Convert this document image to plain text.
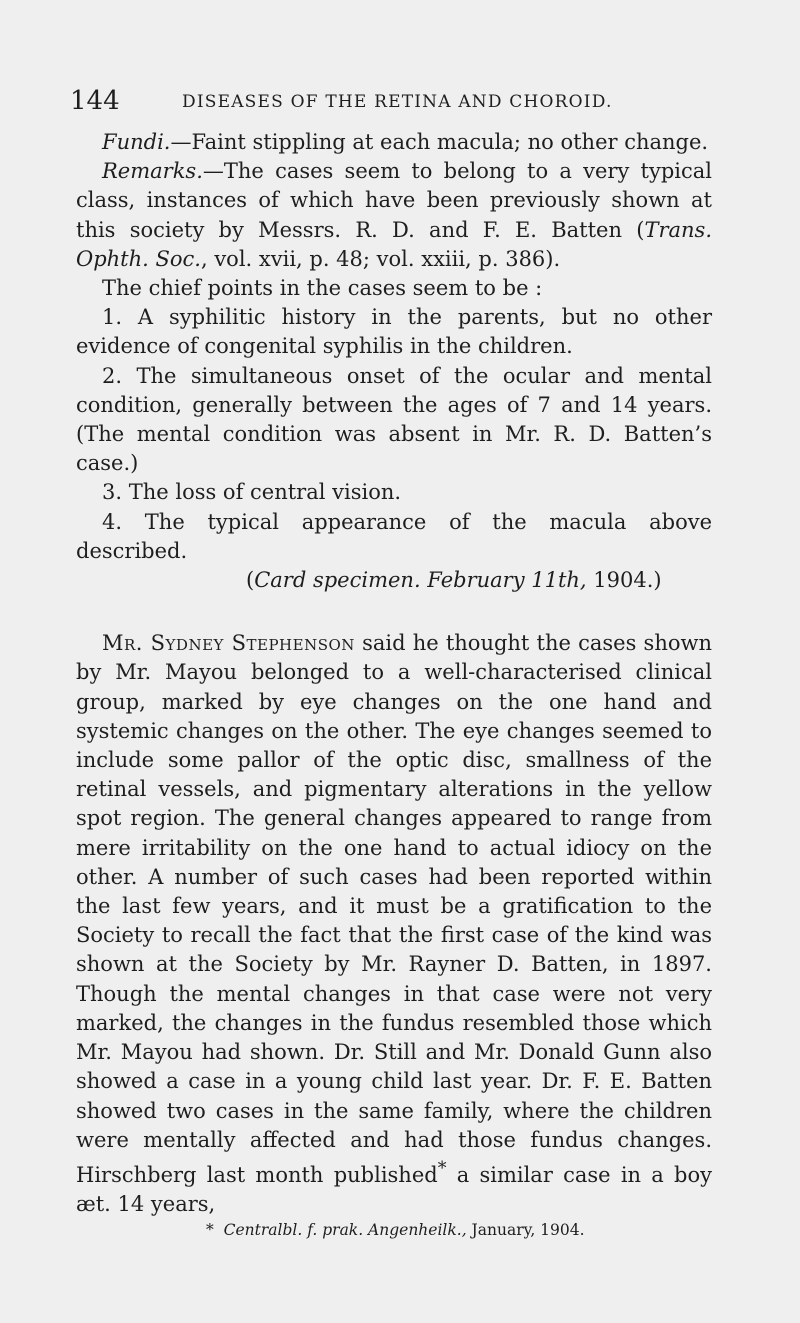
144	DISEASES OF THE RETINA AND CHOROID.

Fundi.—Faint stippling at each macula; no other change.

Remarks.—The cases seem to belong to a very typical class, instances of which have been previously shown at this society by Messrs. R. D. and F. E. Batten (Trans. Ophth. Soc., vol. xvii, p. 48; vol. xxiii, p. 386).

The chief points in the cases seem to be :

1. A syphilitic history in the parents, but no other evidence of congenital syphilis in the children.

2. The simultaneous onset of the ocular and mental condition, generally between the ages of 7 and 14 years. (The mental condition was absent in Mr. R. D. Batten’s case.)

3. The loss of central vision.

4. The typical appearance of the macula above described.

(Card specimen. February 11th, 1904.)

Mr. Sydney Stephenson said he thought the cases shown by Mr. Mayou belonged to a well-characterised clinical group, marked by eye changes on the one hand and systemic changes on the other. The eye changes seemed to include some pallor of the optic disc, smallness of the retinal vessels, and pigmentary alterations in the yellow spot region. The general changes appeared to range from mere irritability on the one hand to actual idiocy on the other. A number of such cases had been reported within the last few years, and it must be a gratification to the Society to recall the fact that the first case of the kind was shown at the Society by Mr. Rayner D. Batten, in 1897. Though the mental changes in that case were not very marked, the changes in the fundus resembled those which Mr. Mayou had shown. Dr. Still and Mr. Donald Gunn also showed a case in a young child last year. Dr. F. E. Batten showed two cases in the same family, where the children were mentally affected and had those fundus changes. Hirschberg last month published* a similar case in a boy æt. 14 years,

* Centralbl. f. prak. Angenheilk., January, 1904.
